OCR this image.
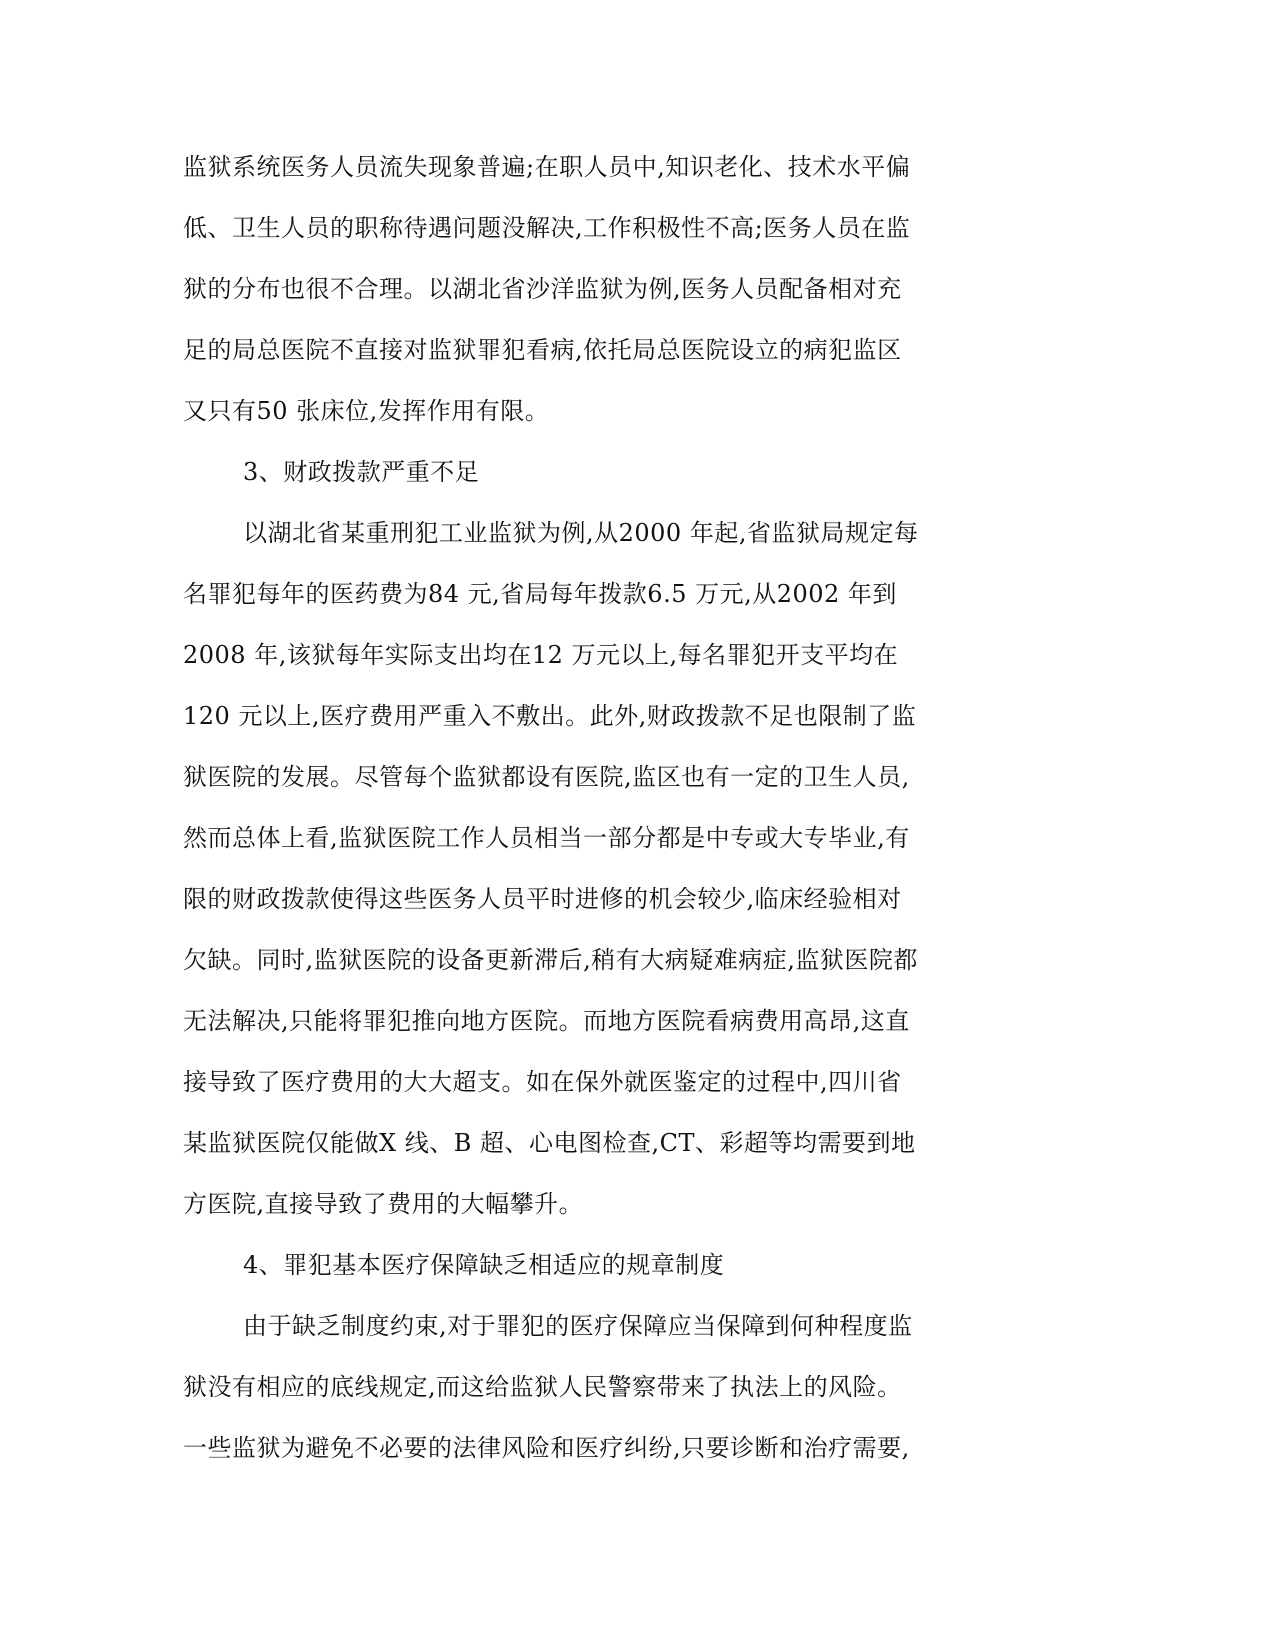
监狱系统医务人员流失现象普遍;在职人员中,知识老化、技术水平偏
低、卫生人员的职称待遇问题没解决,工作积极性不高;医务人员在监
狱的分布也很不合理。以湖北省沙洋监狱为例,医务人员配备相对充
足的局总医院不直接对监狱罪犯看病,依托局总医院设立的病犯监区
又只有50 张床位,发挥作用有限。
3、财政拨款严重不足
以湖北省某重刑犯工业监狱为例,从2000 年起,省监狱局规定每
名罪犯每年的医药费为84 元,省局每年拨款6.5 万元,从2002 年到
2008 年,该狱每年实际支出均在12 万元以上,每名罪犯开支平均在
120 元以上,医疗费用严重入不敷出。此外,财政拨款不足也限制了监
狱医院的发展。尽管每个监狱都设有医院,监区也有一定的卫生人员,
然而总体上看,监狱医院工作人员相当一部分都是中专或大专毕业,有
限的财政拨款使得这些医务人员平时进修的机会较少,临床经验相对
欠缺。同时,监狱医院的设备更新滞后,稍有大病疑难病症,监狱医院都
无法解决,只能将罪犯推向地方医院。而地方医院看病费用高昂,这直
接导致了医疗费用的大大超支。如在保外就医鉴定的过程中,四川省
某监狱医院仅能做X 线、B 超、心电图检查,CT、彩超等均需要到地
方医院,直接导致了费用的大幅攀升。
4、罪犯基本医疗保障缺乏相适应的规章制度
由于缺乏制度约束,对于罪犯的医疗保障应当保障到何种程度监
狱没有相应的底线规定,而这给监狱人民警察带来了执法上的风险。
一些监狱为避免不必要的法律风险和医疗纠纷,只要诊断和治疗需要,
